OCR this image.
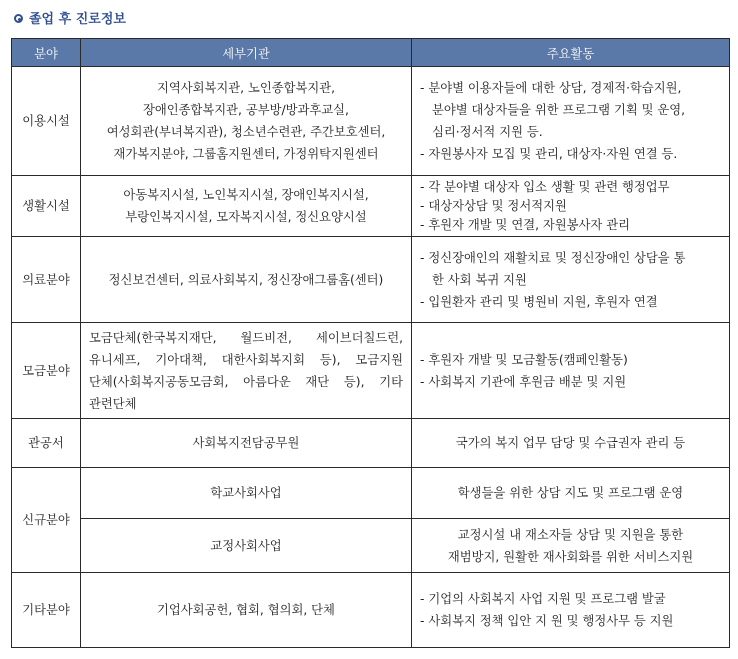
졸업 후 진로정보
분야	세부기관	주요활동
이용시설	지역사회복지관, 노인종합복지관,
장애인종합복지관, 공부방/방과후교실,
여성회관(부녀복지관), 청소년수련관, 주간보호센터,
재가복지분야, 그룹홈지원센터, 가정위탁지원센터	- 분야별 이용자들에 대한 상담, 경제적·학습지원,
분야별 대상자들을 위한 프로그램 기획 및 운영,
심리·정서적 지원 등.
- 자원봉사자 모집 및 관리, 대상자·자원 연결 등.

생활시설	아동복지시설, 노인복지시설, 장애인복지시설,
부랑인복지시설, 모자복지시설, 정신요양시설	- 각 분야별 대상자 입소 생활 및 관련 행정업무
- 대상자상담 및 정서적지원
- 후원자 개발 및 연결, 자원봉사자 관리

의료분야	정신보건센터, 의료사회복지, 정신장애그룹홈(센터)	- 정신장애인의 재활치료 및 정신장애인 상담을 통
한 사회 복귀 지원
- 입원환자 관리 및 병원비 지원, 후원자 연결

모금분야	모금단체(한국복지재단, 월드비전, 세이브더칠드런,
유니세프, 기아대책, 대한사회복지회 등), 모금지원
단체(사회복지공동모금회, 아름다운 재단 등), 기타
관련단체	- 후원자 개발 및 모금활동(캠페인활동)
- 사회복지 기관에 후원금 배분 및 지원

관공서	사회복지전담공무원	국가의 복지 업무 담당 및 수급권자 관리 등

신규분야	학교사회사업	학생들을 위한 상담 지도 및 프로그램 운영

	교정사회사업	교정시설 내 재소자들 상담 및 지원을 통한
재범방지, 원활한 재사회화를 위한 서비스지원

기타분야	기업사회공헌, 협회, 협의회, 단체	- 기업의 사회복지 사업 지원 및 프로그램 발굴
- 사회복지 정책 입안 지 원 및 행정사무 등 지원
